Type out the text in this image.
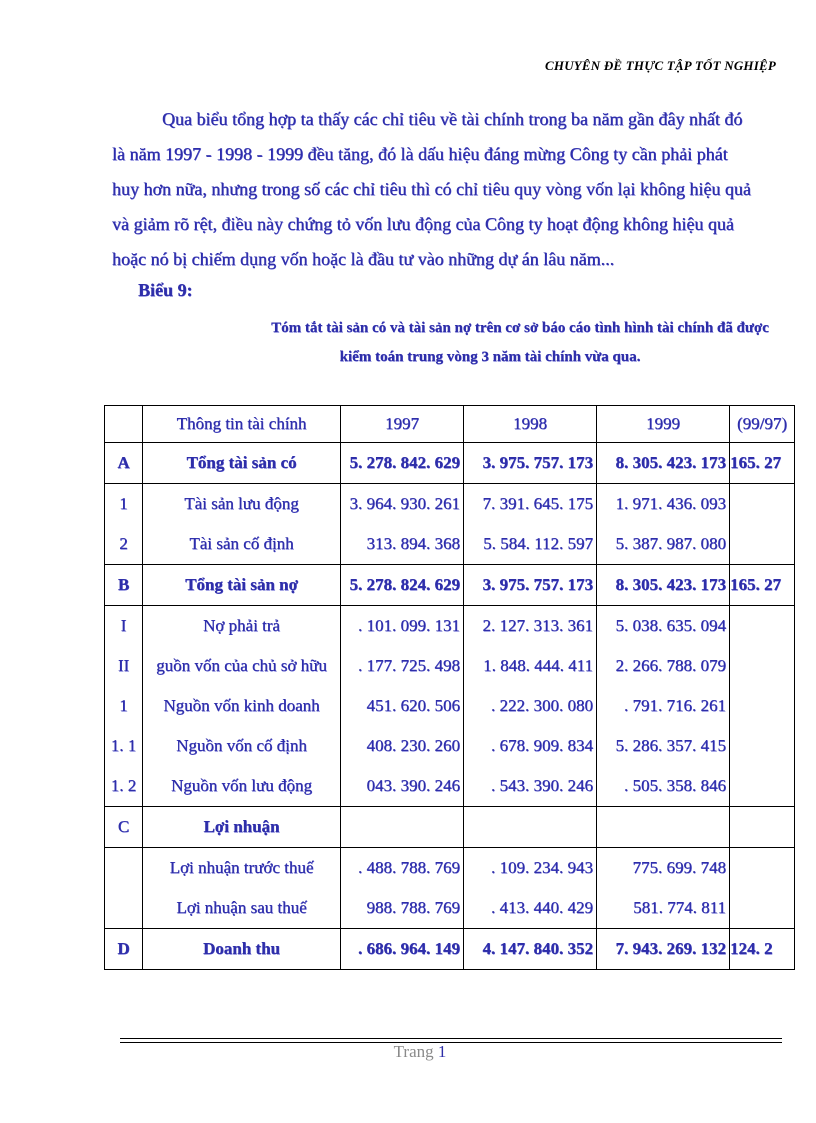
CHUYÊN ĐỀ THỰC TẬP TỐT NGHIỆP
Qua biểu tổng hợp ta thấy các chỉ tiêu về tài chính trong ba năm gần đây nhất đó
là năm 1997 - 1998 - 1999 đều tăng, đó là dấu hiệu đáng mừng Công ty cần phải phát
huy hơn nữa, nhưng trong số các chỉ tiêu thì có chỉ tiêu quy vòng vốn lại không hiệu quả
và giảm rõ rệt, điều này chứng tỏ vốn lưu động của Công ty hoạt động không hiệu quả
hoặc nó bị chiếm dụng vốn hoặc là đầu tư vào những dự án lâu năm...
Biểu 9:
Tóm tắt tài sản có và tài sản nợ trên cơ sở báo cáo tình hình tài chính đã được
kiểm toán trung vòng 3 năm tài chính vừa qua.
	Thông tin tài chính	1997	1998	1999	(99/97)
A	Tổng tài sản có	5. 278. 842. 629	3. 975. 757. 173	8. 305. 423. 173	165. 27
1	Tài sản lưu động	3. 964. 930. 261	7. 391. 645. 175	1. 971. 436. 093	
2	Tài sản cố định	313. 894. 368	5. 584. 112. 597	5. 387. 987. 080	
B	Tổng tài sản nợ	5. 278. 824. 629	3. 975. 757. 173	8. 305. 423. 173	165. 27
I	Nợ phải trả	. 101. 099. 131	2. 127. 313. 361	5. 038. 635. 094	
II	guồn vốn của chủ sở hữu	. 177. 725. 498	1. 848. 444. 411	2. 266. 788. 079	
1	Nguồn vốn kinh doanh	451. 620. 506	. 222. 300. 080	. 791. 716. 261	
1. 1	Nguồn vốn cố định	408. 230. 260	. 678. 909. 834	5. 286. 357. 415	
1. 2	Nguồn vốn lưu động	043. 390. 246	. 543. 390. 246	. 505. 358. 846	
C	Lợi nhuận				
	Lợi nhuận trước thuế	. 488. 788. 769	. 109. 234. 943	775. 699. 748	
	Lợi nhuận sau thuế	988. 788. 769	. 413. 440. 429	581. 774. 811	
D	Doanh thu	. 686. 964. 149	4. 147. 840. 352	7. 943. 269. 132	124. 2
Trang 1
